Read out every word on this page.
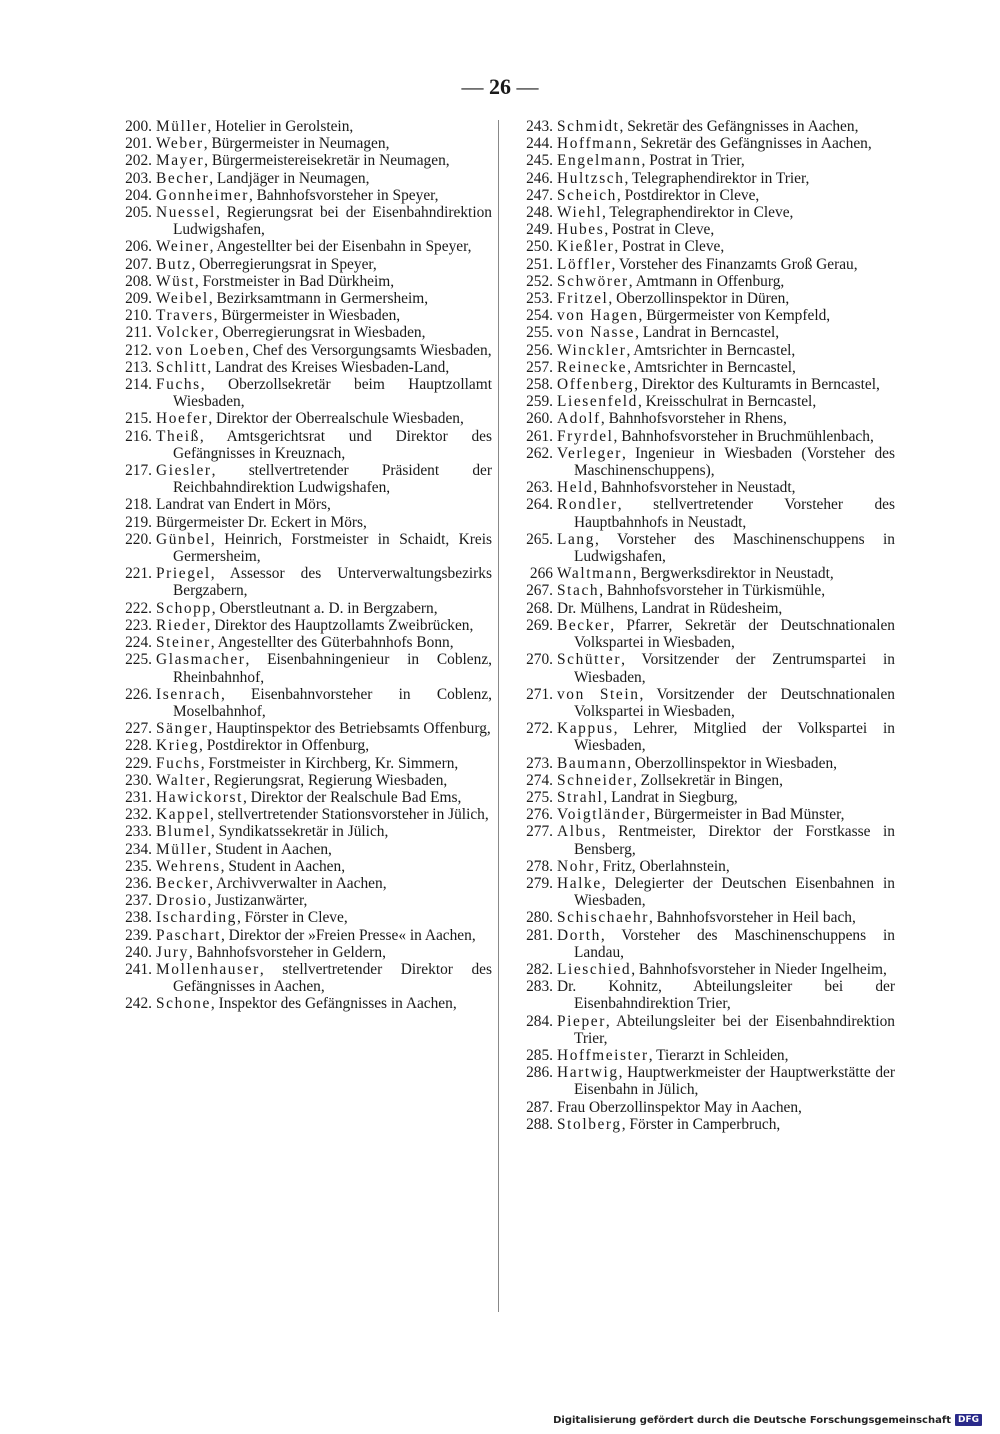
— 26 —
200. Müller, Hotelier in Gerolstein,
201. Weber, Bürgermeister in Neumagen,
202. Mayer, Bürgermeistereisekretär in Neumagen,
203. Becher, Landjäger in Neumagen,
204. Gonnheimer, Bahnhofsvorsteher in Speyer,
205. Nuessel, Regierungsrat bei der Eisenbahndirektion Ludwigshafen,
206. Weiner, Angestellter bei der Eisenbahn in Speyer,
207. Butz, Oberregierungsrat in Speyer,
208. Wüst, Forstmeister in Bad Dürkheim,
209. Weibel, Bezirksamtmann in Germersheim,
210. Travers, Bürgermeister in Wiesbaden,
211. Volcker, Oberregierungsrat in Wiesbaden,
212. von Loeben, Chef des Versorgungsamts Wiesbaden,
213. Schlitt, Landrat des Kreises Wiesbaden-Land,
214. Fuchs, Oberzollsekretär beim Hauptzollamt Wiesbaden,
215. Hoefer, Direktor der Oberrealschule Wiesbaden,
216. Theiß, Amtsgerichtsrat und Direktor des Gefängnisses in Kreuznach,
217. Giesler, stellvertretender Präsident der Reichbahndirektion Ludwigshafen,
218. Landrat van Endert in Mörs,
219. Bürgermeister Dr. Eckert in Mörs,
220. Günbel, Heinrich, Forstmeister in Schaidt, Kreis Germersheim,
221. Priegel, Assessor des Unterverwaltungsbezirks Bergzabern,
222. Schopp, Oberstleutnant a. D. in Bergzabern,
223. Rieder, Direktor des Hauptzollamts Zweibrücken,
224. Steiner, Angestellter des Güterbahnhofs Bonn,
225. Glasmacher, Eisenbahningenieur in Coblenz, Rheinbahnhof,
226. Isenrach, Eisenbahnvorsteher in Coblenz, Moselbahnhof,
227. Sänger, Hauptinspektor des Betriebsamts Offenburg,
228. Krieg, Postdirektor in Offenburg,
229. Fuchs, Forstmeister in Kirchberg, Kr. Simmern,
230. Walter, Regierungsrat, Regierung Wiesbaden,
231. Hawickorst, Direktor der Realschule Bad Ems,
232. Kappel, stellvertretender Stationsvorsteher in Jülich,
233. Blumel, Syndikatssekretär in Jülich,
234. Müller, Student in Aachen,
235. Wehrens, Student in Aachen,
236. Becker, Archivverwalter in Aachen,
237. Drosio, Justizanwärter,
238. Ischarding, Förster in Cleve,
239. Paschart, Direktor der »Freien Presse« in Aachen,
240. Jury, Bahnhofsvorsteher in Geldern,
241. Mollenhauser, stellvertretender Direktor des Gefängnisses in Aachen,
242. Schone, Inspektor des Gefängnisses in Aachen,
243. Schmidt, Sekretär des Gefängnisses in Aachen,
244. Hoffmann, Sekretär des Gefängnisses in Aachen,
245. Engelmann, Postrat in Trier,
246. Hultzsch, Telegraphendirektor in Trier,
247. Scheich, Postdirektor in Cleve,
248. Wiehl, Telegraphendirektor in Cleve,
249. Hubes, Postrat in Cleve,
250. Kießler, Postrat in Cleve,
251. Löffler, Vorsteher des Finanzamts Groß Gerau,
252. Schwörer, Amtmann in Offenburg,
253. Fritzel, Oberzollinspektor in Düren,
254. von Hagen, Bürgermeister von Kempfeld,
255. von Nasse, Landrat in Berncastel,
256. Winckler, Amtsrichter in Berncastel,
257. Reinecke, Amtsrichter in Berncastel,
258. Offenberg, Direktor des Kulturamts in Berncastel,
259. Liesenfeld, Kreisschulrat in Berncastel,
260. Adolf, Bahnhofsvorsteher in Rhens,
261. Fryrdel, Bahnhofsvorsteher in Bruchmühlenbach,
262. Verleger, Ingenieur in Wiesbaden (Vorsteher des Maschinenschuppens),
263. Held, Bahnhofsvorsteher in Neustadt,
264. Rondler, stellvertretender Vorsteher des Hauptbahnhofs in Neustadt,
265. Lang, Vorsteher des Maschinenschuppens in Ludwigshafen,
266 Waltmann, Bergwerksdirektor in Neustadt,
267. Stach, Bahnhofsvorsteher in Türkismühle,
268. Dr. Mülhens, Landrat in Rüdesheim,
269. Becker, Pfarrer, Sekretär der Deutschnationalen Volkspartei in Wiesbaden,
270. Schütter, Vorsitzender der Zentrumspartei in Wiesbaden,
271. von Stein, Vorsitzender der Deutschnationalen Volkspartei in Wiesbaden,
272. Kappus, Lehrer, Mitglied der Volkspartei in Wiesbaden,
273. Baumann, Oberzollinspektor in Wiesbaden,
274. Schneider, Zollsekretär in Bingen,
275. Strahl, Landrat in Siegburg,
276. Voigtländer, Bürgermeister in Bad Münster,
277. Albus, Rentmeister, Direktor der Forstkasse in Bensberg,
278. Nohr, Fritz, Oberlahnstein,
279. Halke, Delegierter der Deutschen Eisenbahnen in Wiesbaden,
280. Schischaehr, Bahnhofsvorsteher in Heil bach,
281. Dorth, Vorsteher des Maschinenschuppens in Landau,
282. Lieschied, Bahnhofsvorsteher in Nieder Ingelheim,
283. Dr. Kohnitz, Abteilungsleiter bei der Eisenbahndirektion Trier,
284. Pieper, Abteilungsleiter bei der Eisenbahndirektion Trier,
285. Hoffmeister, Tierarzt in Schleiden,
286. Hartwig, Hauptwerkmeister der Hauptwerkstätte der Eisenbahn in Jülich,
287. Frau Oberzollinspektor May in Aachen,
288. Stolberg, Förster in Camperbruch,
Digitalisierung gefördert durch die Deutsche Forschungsgemeinschaft DFG
